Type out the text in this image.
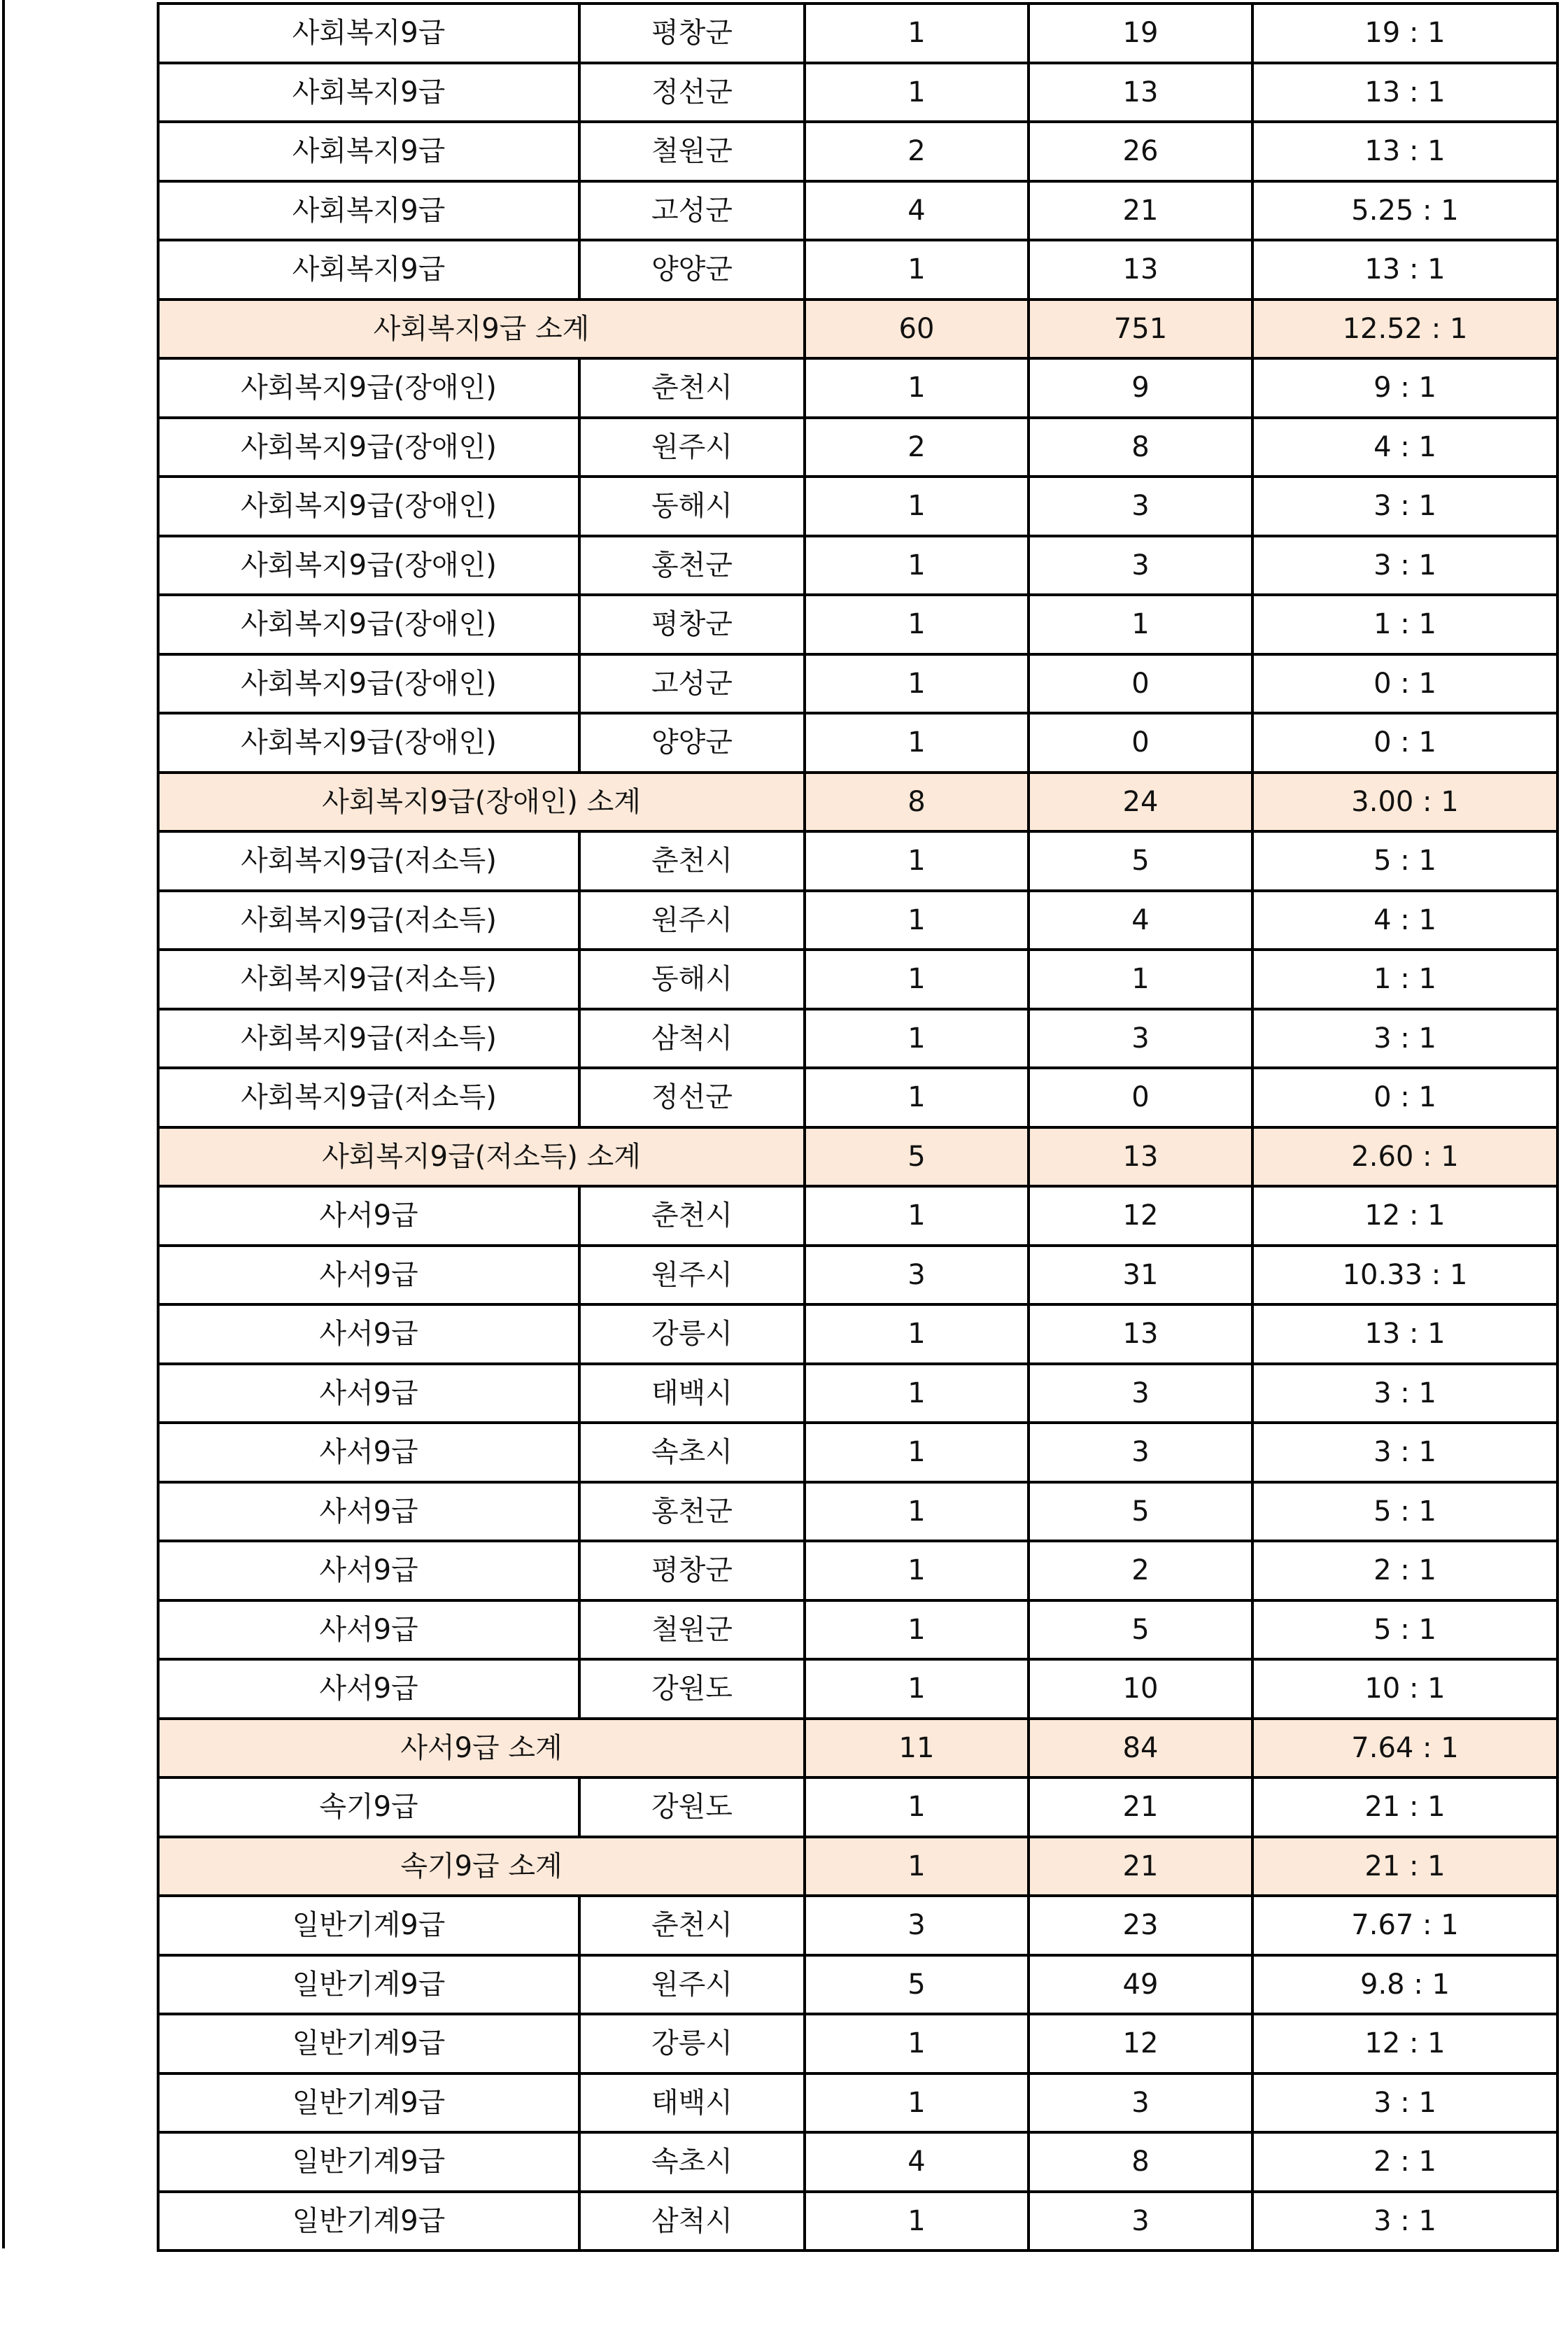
사회복지9급	평창군	1	19	19 : 1
사회복지9급	정선군	1	13	13 : 1
사회복지9급	철원군	2	26	13 : 1
사회복지9급	고성군	4	21	5.25 : 1
사회복지9급	양양군	1	13	13 : 1
사회복지9급 소계		60	751	12.52 : 1
사회복지9급(장애인)	춘천시	1	9	9 : 1
사회복지9급(장애인)	원주시	2	8	4 : 1
사회복지9급(장애인)	동해시	1	3	3 : 1
사회복지9급(장애인)	홍천군	1	3	3 : 1
사회복지9급(장애인)	평창군	1	1	1 : 1
사회복지9급(장애인)	고성군	1	0	0 : 1
사회복지9급(장애인)	양양군	1	0	0 : 1
사회복지9급(장애인) 소계		8	24	3.00 : 1
사회복지9급(저소득)	춘천시	1	5	5 : 1
사회복지9급(저소득)	원주시	1	4	4 : 1
사회복지9급(저소득)	동해시	1	1	1 : 1
사회복지9급(저소득)	삼척시	1	3	3 : 1
사회복지9급(저소득)	정선군	1	0	0 : 1
사회복지9급(저소득) 소계		5	13	2.60 : 1
사서9급	춘천시	1	12	12 : 1
사서9급	원주시	3	31	10.33 : 1
사서9급	강릉시	1	13	13 : 1
사서9급	태백시	1	3	3 : 1
사서9급	속초시	1	3	3 : 1
사서9급	홍천군	1	5	5 : 1
사서9급	평창군	1	2	2 : 1
사서9급	철원군	1	5	5 : 1
사서9급	강원도	1	10	10 : 1
사서9급 소계		11	84	7.64 : 1
속기9급	강원도	1	21	21 : 1
속기9급 소계		1	21	21 : 1
일반기계9급	춘천시	3	23	7.67 : 1
일반기계9급	원주시	5	49	9.8 : 1
일반기계9급	강릉시	1	12	12 : 1
일반기계9급	태백시	1	3	3 : 1
일반기계9급	속초시	4	8	2 : 1
일반기계9급	삼척시	1	3	3 : 1
